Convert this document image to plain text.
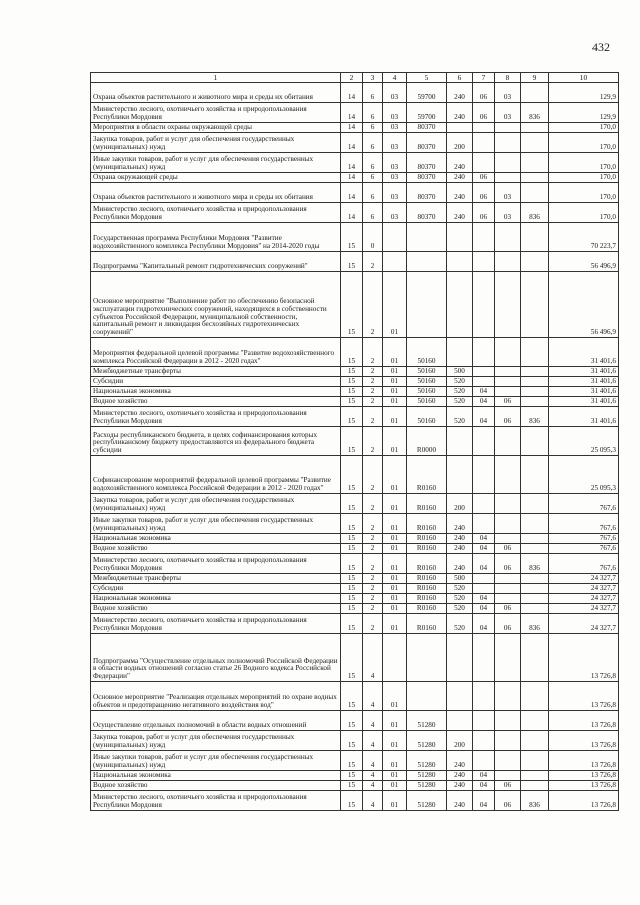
432
1	2	3	4	5	6	7	8	9	10
Охрана объектов растительного и животного мира и среды их обитания	14	6	03	59700	240	06	03		129,9
Министерство лесного, охотничьего хозяйства и природопользования Республики Мордовия	14	6	03	59700	240	06	03	836	129,9
Мероприятия в области охраны окружающей среды	14	6	03	80370					170,0
Закупка товаров, работ и услуг для обеспечения государственных (муниципальных) нужд	14	6	03	80370	200				170,0
Иные закупки товаров, работ и услуг для обеспечения государственных (муниципальных) нужд	14	6	03	80370	240				170,0
Охрана окружающей среды	14	6	03	80370	240	06			170,0
Охрана объектов растительного и животного мира и среды их обитания	14	6	03	80370	240	06	03		170,0
Министерство лесного, охотничьего хозяйства и природопользования Республики Мордовия	14	6	03	80370	240	06	03	836	170,0
Государственная программа Республики Мордовия "Развитие водохозяйственного комплекса Республики Мордовия" на 2014-2020 годы	15	0							70 223,7
Подпрограмма "Капитальный ремонт гидротехнических сооружений"	15	2							56 496,9
Основное мероприятие "Выполнение работ по обеспечению безопасной эксплуатации гидротехнических сооружений, находящихся в собственности субъектов Российской Федерации, муниципальной собственности, капитальный ремонт и ликвидация бесхозяйных гидротехнических сооружений"	15	2	01						56 496,9
Мероприятия федеральной целевой программы "Развитие водохозяйственного комплекса Российской Федерации в 2012 - 2020 годах"	15	2	01	50160					31 401,6
Межбюджетные трансферты	15	2	01	50160	500				31 401,6
Субсидии	15	2	01	50160	520				31 401,6
Национальная экономика	15	2	01	50160	520	04			31 401,6
Водное хозяйство	15	2	01	50160	520	04	06		31 401,6
Министерство лесного, охотничьего хозяйства и природопользования Республики Мордовия	15	2	01	50160	520	04	06	836	31 401,6
Расходы республиканского бюджета, в целях софинансирования которых республиканскому бюджету предоставляются из федерального бюджета субсидии	15	2	01	R0000					25 095,3
Софинансирование мероприятий федеральной целевой программы "Развитие водохозяйственного комплекса Российской Федерации в 2012 - 2020 годах"	15	2	01	R0160					25 095,3
Закупка товаров, работ и услуг для обеспечения государственных (муниципальных) нужд	15	2	01	R0160	200				767,6
Иные закупки товаров, работ и услуг для обеспечения государственных (муниципальных) нужд	15	2	01	R0160	240				767,6
Национальная экономика	15	2	01	R0160	240	04			767,6
Водное хозяйство	15	2	01	R0160	240	04	06		767,6
Министерство лесного, охотничьего хозяйства и природопользования Республики Мордовия	15	2	01	R0160	240	04	06	836	767,6
Межбюджетные трансферты	15	2	01	R0160	500				24 327,7
Субсидии	15	2	01	R0160	520				24 327,7
Национальная экономика	15	2	01	R0160	520	04			24 327,7
Водное хозяйство	15	2	01	R0160	520	04	06		24 327,7
Министерство лесного, охотничьего хозяйства и природопользования Республики Мордовия	15	2	01	R0160	520	04	06	836	24 327,7
Подпрограмма "Осуществление отдельных полномочий Российской Федерации в области водных отношений согласно статье 26 Водного кодекса Российской Федерации"	15	4							13 726,8
Основное мероприятие "Реализация отдельных мероприятий по охране водных объектов и предотвращению негативного воздействия вод"	15	4	01						13 726,8
Осуществление отдельных полномочий в области водных отношений	15	4	01	51280					13 726,8
Закупка товаров, работ и услуг для обеспечения государственных (муниципальных) нужд	15	4	01	51280	200				13 726,8
Иные закупки товаров, работ и услуг для обеспечения государственных (муниципальных) нужд	15	4	01	51280	240				13 726,8
Национальная экономика	15	4	01	51280	240	04			13 726,8
Водное хозяйство	15	4	01	51280	240	04	06		13 726,8
Министерство лесного, охотничьего хозяйства и природопользования Республики Мордовия	15	4	01	51280	240	04	06	836	13 726,8
